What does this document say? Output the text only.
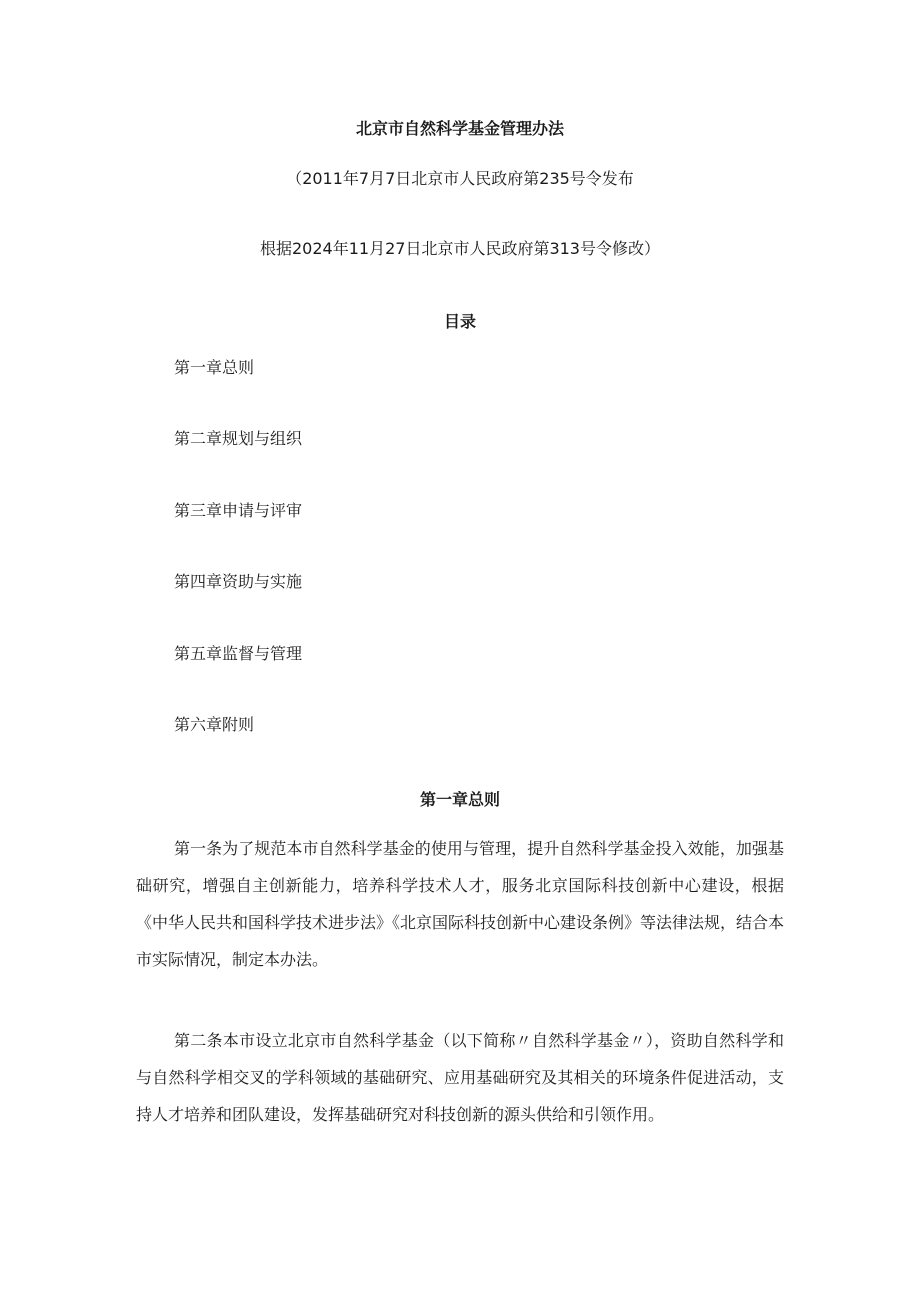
北京市自然科学基金管理办法
（2011年7月7日北京市人民政府第235号令发布
根据2024年11月27日北京市人民政府第313号令修改）
目录
第一章总则
第二章规划与组织
第三章申请与评审
第四章资助与实施
第五章监督与管理
第六章附则
第一章总则
第一条为了规范本市自然科学基金的使用与管理，提升自然科学基金投入效能，加强基础研究，增强自主创新能力，培养科学技术人才，服务北京国际科技创新中心建设，根据《中华人民共和国科学技术进步法》《北京国际科技创新中心建设条例》等法律法规，结合本市实际情况，制定本办法。
第二条本市设立北京市自然科学基金（以下简称〃自然科学基金〃），资助自然科学和与自然科学相交叉的学科领域的基础研究、应用基础研究及其相关的环境条件促进活动，支持人才培养和团队建设，发挥基础研究对科技创新的源头供给和引领作用。
